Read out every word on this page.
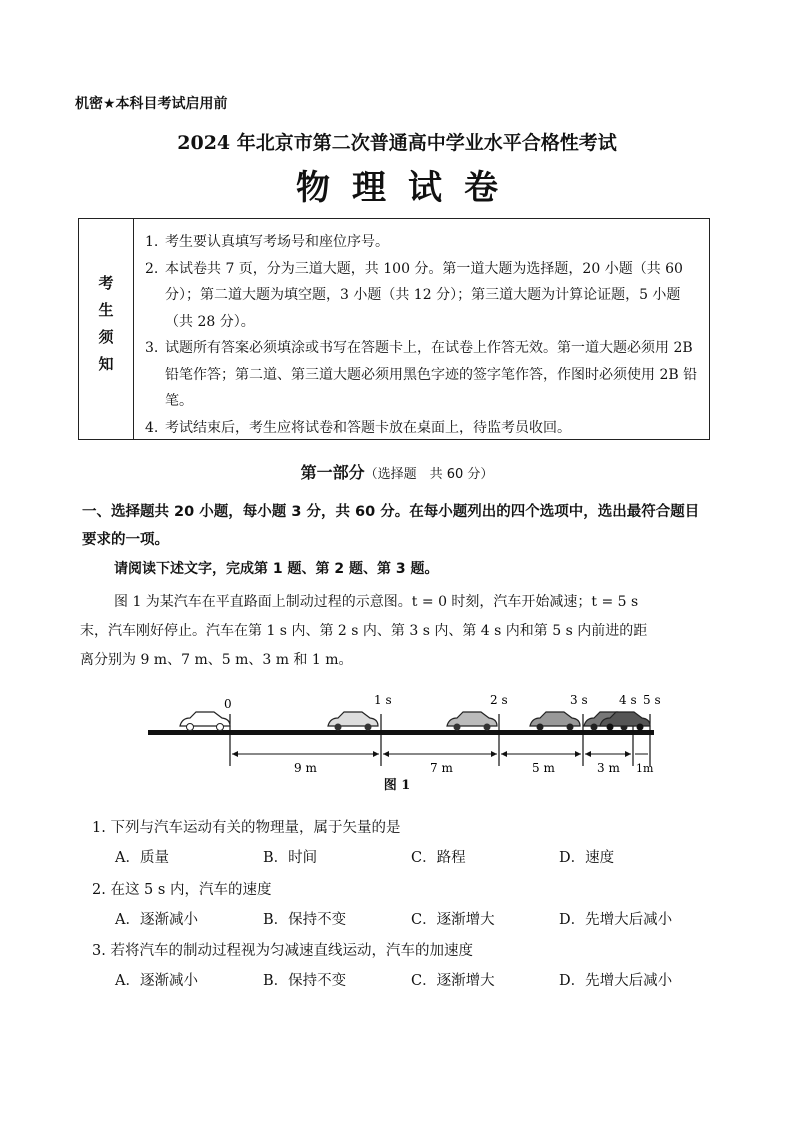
机密★本科目考试启用前
2024 年北京市第二次普通高中学业水平合格性考试
物理试卷
考生须知
1. 考生要认真填写考场号和座位序号。
2. 本试卷共 7 页，分为三道大题，共 100 分。第一道大题为选择题，20 小题（共 60 分）；第二道大题为填空题，3 小题（共 12 分）；第三道大题为计算论证题，5 小题（共 28 分）。
3. 试题所有答案必须填涂或书写在答题卡上，在试卷上作答无效。第一道大题必须用 2B 铅笔作答；第二道、第三道大题必须用黑色字迹的签字笔作答，作图时必须使用 2B 铅笔。
4. 考试结束后，考生应将试卷和答题卡放在桌面上，待监考员收回。
第一部分（选择题　共 60 分）
一、选择题共 20 小题，每小题 3 分，共 60 分。在每小题列出的四个选项中，选出最符合题目要求的一项。
请阅读下述文字，完成第 1 题、第 2 题、第 3 题。
图 1 为某汽车在平直路面上制动过程的示意图。t = 0 时刻，汽车开始减速；t = 5 s
末，汽车刚好停止。汽车在第 1 s 内、第 2 s 内、第 3 s 内、第 4 s 内和第 5 s 内前进的距
离分别为 9 m、7 m、5 m、3 m 和 1 m。
0	1 s	2 s	3 s	4 s 5 s
9 m	7 m	5 m	3 m 1m
图 1
1. 下列与汽车运动有关的物理量，属于矢量的是
A．质量	B．时间	C．路程	D．速度
2. 在这 5 s 内，汽车的速度
A．逐渐减小	B．保持不变	C．逐渐增大	D．先增大后减小
3. 若将汽车的制动过程视为匀减速直线运动，汽车的加速度
A．逐渐减小	B．保持不变	C．逐渐增大	D．先增大后减小
